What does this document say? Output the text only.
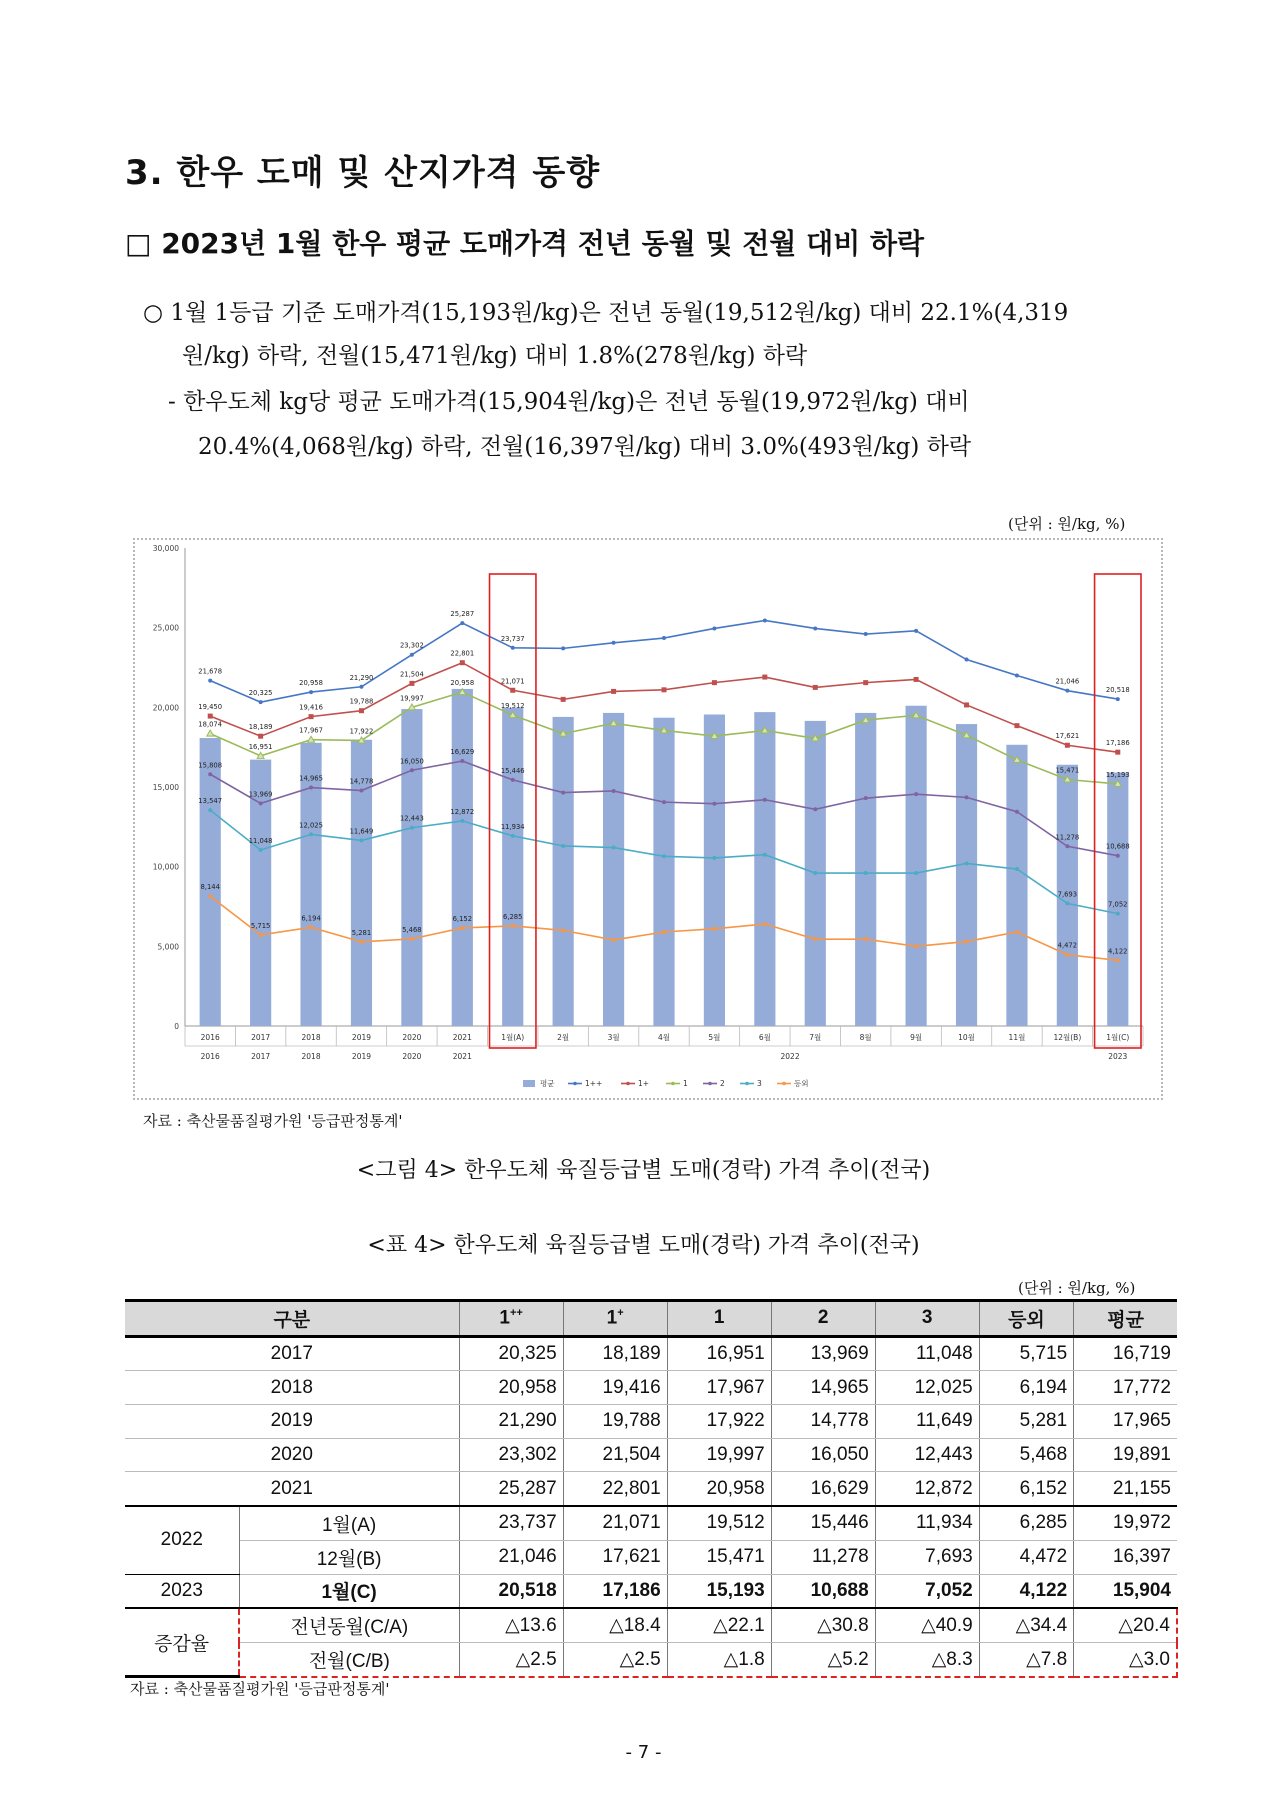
3. 한우 도매 및 산지가격 동향
□ 2023년 1월 한우 평균 도매가격 전년 동월 및 전월 대비 하락
○ 1월 1등급 기준 도매가격(15,193원/kg)은 전년 동월(19,512원/kg) 대비 22.1%(4,319
원/kg) 하락, 전월(15,471원/kg) 대비 1.8%(278원/kg) 하락
- 한우도체 kg당 평균 도매가격(15,904원/kg)은 전년 동월(19,972원/kg) 대비
20.4%(4,068원/kg) 하락, 전월(16,397원/kg) 대비 3.0%(493원/kg) 하락
(단위 : 원/kg, %)
0
5,000
10,000
15,000
20,000
25,000
30,000
2016	2017	2018	2019	2020	2021	1월(A)	2월	3월	4월	5월	6월	7월	8월	9월	10월	11월	12월(B)	1월(C)
2016	2017	2018	2019	2020	2021	2022	2023
21,678
20,325
20,958
21,290
23,302
25,287
23,737
21,046
20,518
19,450
18,189
19,416
19,788
21,504
22,801
21,071
17,621
17,186
18,074
16,951
17,967	17,922
19,997
20,958
19,512
15,471
15,193
15,808
13,969
14,965	14,778
16,050
16,629
15,446
11,278
10,688
13,547
11,048
12,025
11,649
12,443
12,872
11,934
7,693
7,052
8,144
5,715
6,194
5,281	5,468
6,152	6,285
4,472
4,122
평균	1++	1+	1	2	3	등외
자료 : 축산물품질평가원 '등급판정통계'
<그림 4> 한우도체 육질등급별 도매(경락) 가격 추이(전국)
<표 4> 한우도체 육질등급별 도매(경락) 가격 추이(전국)
(단위 : 원/kg, %)
구분		1++	1+	1	2	3	등외	평균
2017		20,325	18,189	16,951	13,969	11,048	5,715	16,719
2018		20,958	19,416	17,967	14,965	12,025	6,194	17,772
2019		21,290	19,788	17,922	14,778	11,649	5,281	17,965
2020		23,302	21,504	19,997	16,050	12,443	5,468	19,891
2021		25,287	22,801	20,958	16,629	12,872	6,152	21,155
2022	1월(A)	23,737	21,071	19,512	15,446	11,934	6,285	19,972
	12월(B)	21,046	17,621	15,471	11,278	7,693	4,472	16,397
2023	1월(C)	20,518	17,186	15,193	10,688	7,052	4,122	15,904
증감율	전년동월(C/A)	△13.6	△18.4	△22.1	△30.8	△40.9	△34.4	△20.4
	전월(C/B)	△2.5	△2.5	△1.8	△5.2	△8.3	△7.8	△3.0
자료 : 축산물품질평가원 '등급판정통계'
- 7 -
